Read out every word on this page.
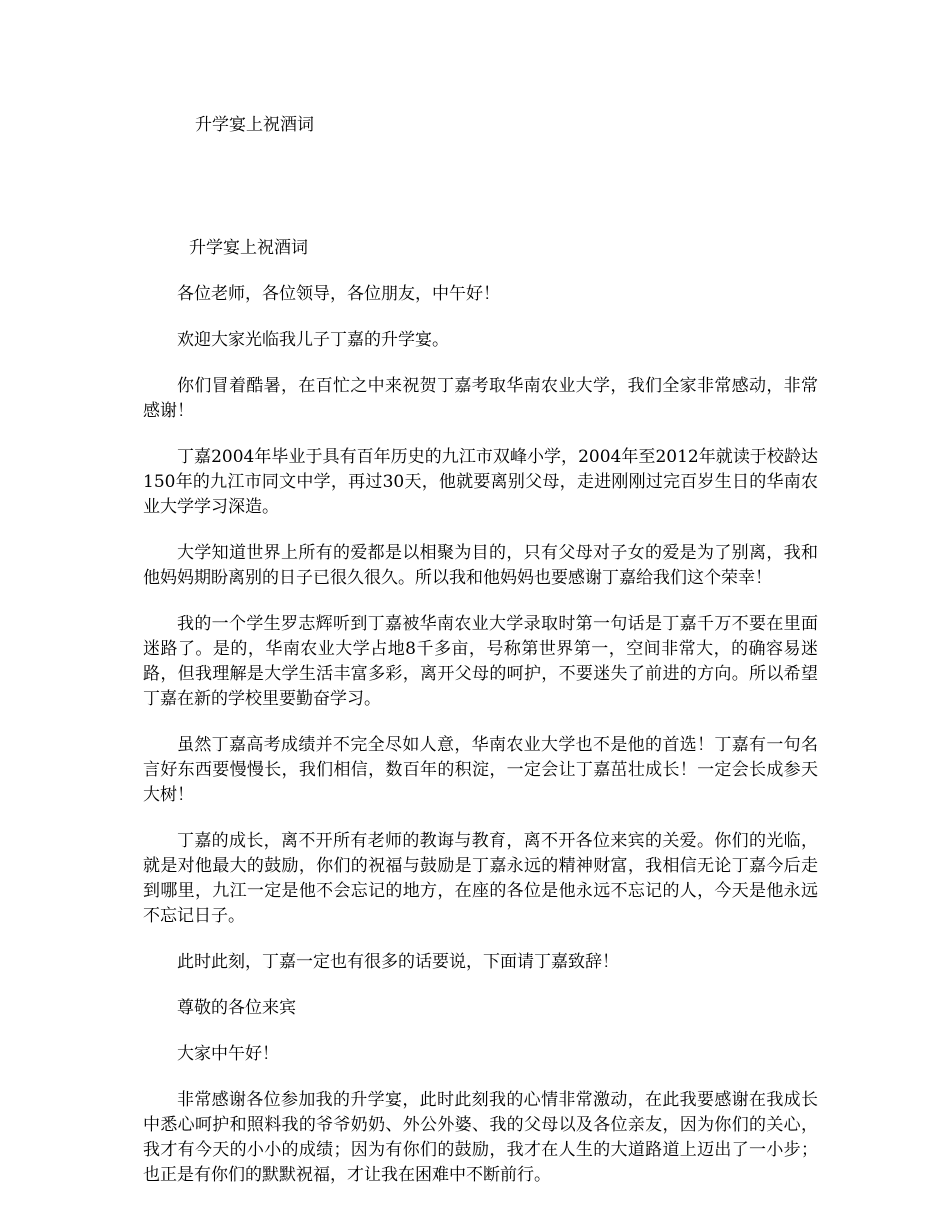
升学宴上祝酒词

升学宴上祝酒词

各位老师，各位领导，各位朋友，中午好！

欢迎大家光临我儿子丁嘉的升学宴。

你们冒着酷暑，在百忙之中来祝贺丁嘉考取华南农业大学，我们全家非常感动，非常感谢！

丁嘉2004年毕业于具有百年历史的九江市双峰小学，2004年至2012年就读于校龄达150年的九江市同文中学，再过30天，他就要离别父母，走进刚刚过完百岁生日的华南农业大学学习深造。

大学知道世界上所有的爱都是以相聚为目的，只有父母对子女的爱是为了别离，我和他妈妈期盼离别的日子已很久很久。所以我和他妈妈也要感谢丁嘉给我们这个荣幸！

我的一个学生罗志辉听到丁嘉被华南农业大学录取时第一句话是丁嘉千万不要在里面迷路了。是的，华南农业大学占地8千多亩，号称第世界第一，空间非常大，的确容易迷路，但我理解是大学生活丰富多彩，离开父母的呵护，不要迷失了前进的方向。所以希望丁嘉在新的学校里要勤奋学习。

虽然丁嘉高考成绩并不完全尽如人意，华南农业大学也不是他的首选！丁嘉有一句名言好东西要慢慢长，我们相信，数百年的积淀，一定会让丁嘉茁壮成长！一定会长成参天大树！

丁嘉的成长，离不开所有老师的教诲与教育，离不开各位来宾的关爱。你们的光临，就是对他最大的鼓励，你们的祝福与鼓励是丁嘉永远的精神财富，我相信无论丁嘉今后走到哪里，九江一定是他不会忘记的地方，在座的各位是他永远不忘记的人，今天是他永远不忘记日子。

此时此刻，丁嘉一定也有很多的话要说，下面请丁嘉致辞！

尊敬的各位来宾

大家中午好！

非常感谢各位参加我的升学宴，此时此刻我的心情非常激动，在此我要感谢在我成长中悉心呵护和照料我的爷爷奶奶、外公外婆、我的父母以及各位亲友，因为你们的关心，我才有今天的小小的成绩；因为有你们的鼓励，我才在人生的大道路道上迈出了一小步；也正是有你们的默默祝福，才让我在困难中不断前行。
